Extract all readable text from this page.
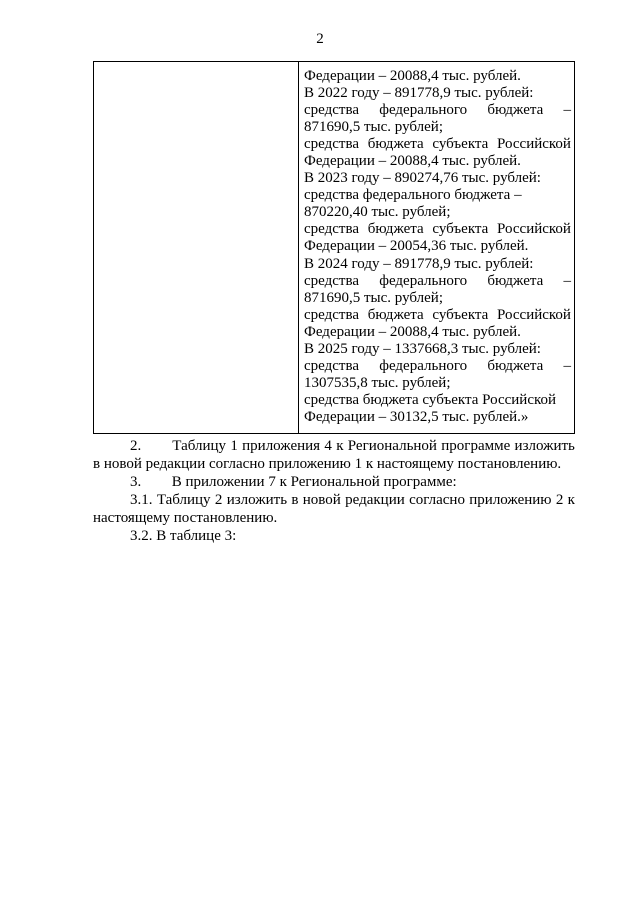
2
Федерации – 20088,4 тыс. рублей.
В 2022 году – 891778,9 тыс. рублей:
средства федерального бюджета –
871690,5 тыс. рублей;
средства бюджета субъекта Российской
Федерации – 20088,4 тыс. рублей.
В 2023 году – 890274,76 тыс. рублей:
средства федерального бюджета –
870220,40 тыс. рублей;
средства бюджета субъекта Российской
Федерации – 20054,36 тыс. рублей.
В 2024 году – 891778,9 тыс. рублей:
средства федерального бюджета –
871690,5 тыс. рублей;
средства бюджета субъекта Российской
Федерации – 20088,4 тыс. рублей.
В 2025 году – 1337668,3 тыс. рублей:
средства федерального бюджета –
1307535,8 тыс. рублей;
средства бюджета субъекта Российской
Федерации – 30132,5 тыс. рублей.»
2.	Таблицу 1 приложения 4 к Региональной программе изложить
в новой редакции согласно приложению 1 к настоящему постановлению.
3. В приложении 7 к Региональной программе:
3.1. Таблицу 2 изложить в новой редакции согласно приложению 2 к
настоящему постановлению.
3.2. В таблице 3:
